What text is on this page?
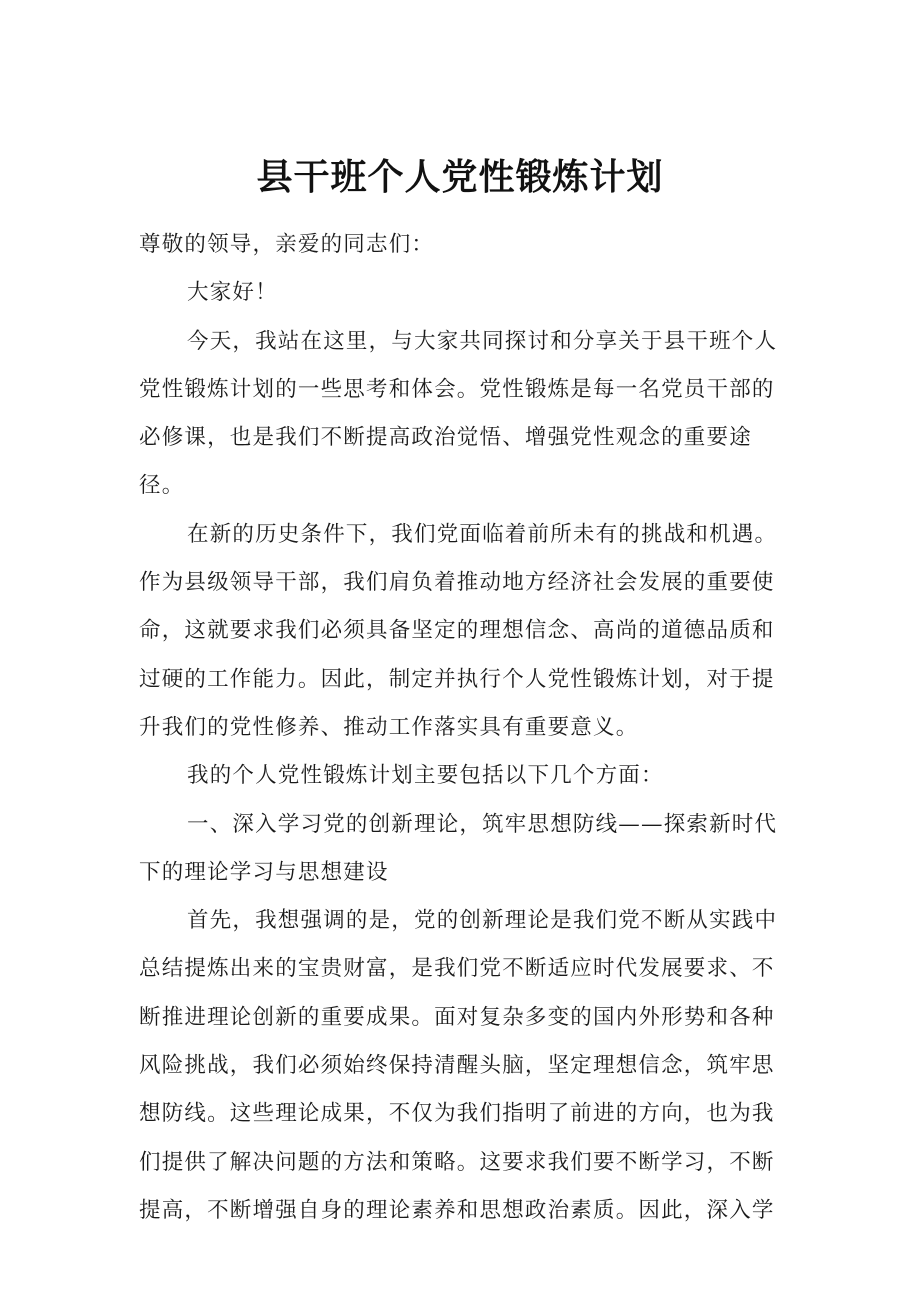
县干班个人党性锻炼计划

尊敬的领导，亲爱的同志们：

大家好！

今天，我站在这里，与大家共同探讨和分享关于县干班个人党性锻炼计划的一些思考和体会。党性锻炼是每一名党员干部的必修课，也是我们不断提高政治觉悟、增强党性观念的重要途径。

在新的历史条件下，我们党面临着前所未有的挑战和机遇。作为县级领导干部，我们肩负着推动地方经济社会发展的重要使命，这就要求我们必须具备坚定的理想信念、高尚的道德品质和过硬的工作能力。因此，制定并执行个人党性锻炼计划，对于提升我们的党性修养、推动工作落实具有重要意义。

我的个人党性锻炼计划主要包括以下几个方面：

一、深入学习党的创新理论，筑牢思想防线——探索新时代下的理论学习与思想建设

首先，我想强调的是，党的创新理论是我们党不断从实践中总结提炼出来的宝贵财富，是我们党不断适应时代发展要求、不断推进理论创新的重要成果。面对复杂多变的国内外形势和各种风险挑战，我们必须始终保持清醒头脑，坚定理想信念，筑牢思想防线。这些理论成果，不仅为我们指明了前进的方向，也为我们提供了解决问题的方法和策略。这要求我们要不断学习，不断提高，不断增强自身的理论素养和思想政治素质。因此，深入学
